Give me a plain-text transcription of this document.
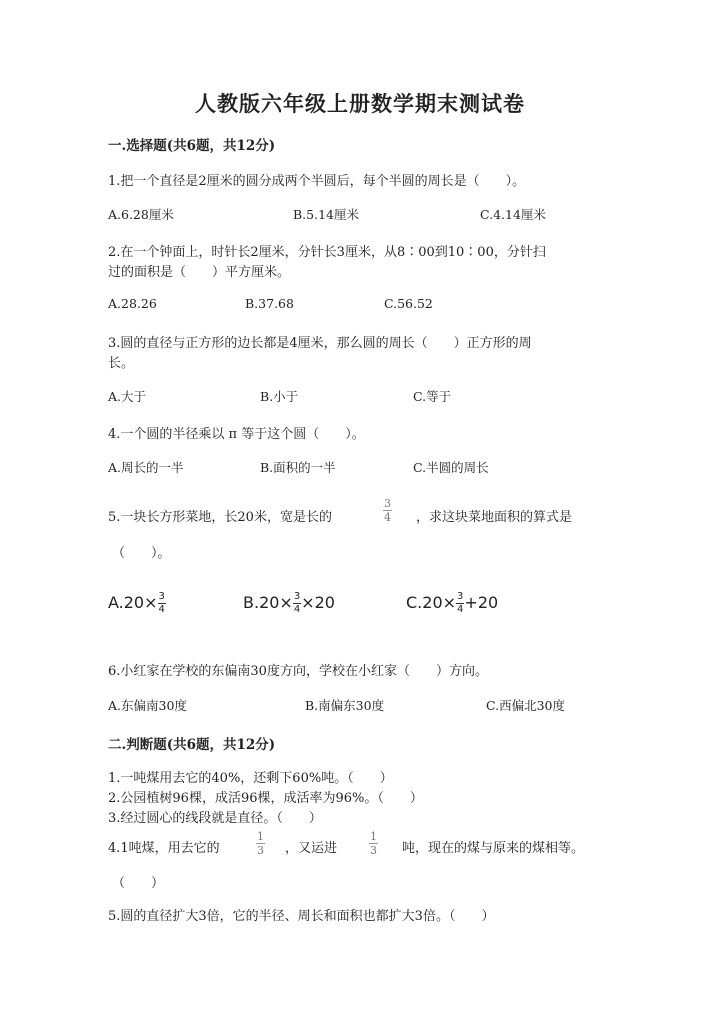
人教版六年级上册数学期末测试卷
一.选择题(共6题，共12分)
1.把一个直径是2厘米的圆分成两个半圆后，每个半圆的周长是（　　）。
A.6.28厘米	B.5.14厘米	C.4.14厘米
2.在一个钟面上，时针长2厘米，分针长3厘米，从8∶00到10∶00，分针扫
过的面积是（　　）平方厘米。
A.28.26	B.37.68	C.56.52
3.圆的直径与正方形的边长都是4厘米，那么圆的周长（　　）正方形的周
长。
A.大于	B.小于	C.等于
4.一个圆的半径乘以 π 等于这个圆（　　）。
A.周长的一半	B.面积的一半	C.半圆的周长
5.一块长方形菜地，长20米，宽是长的	$\frac{3}{4}$ ，求这块菜地面积的算式是
（　　）。
$A.20\times \frac{3}{4}$	$B.20\times \frac{3}{4} \times 20$	$C.20\times \frac{3}{4} +20$
6.小红家在学校的东偏南30度方向，学校在小红家（　　）方向。
A.东偏南30度	B.南偏东30度	C.西偏北30度
二.判断题(共6题，共12分)
1.一吨煤用去它的40%，还剩下60%吨。（　　）
2.公园植树96棵，成活96棵，成活率为96%。（　　）
3.经过圆心的线段就是直径。（　　）
4.1吨煤，用去它的	$\frac{1}{3}$ ，又运进	$\frac{1}{3}$ 吨，现在的煤与原来的煤相等。
（　　）
5.圆的直径扩大3倍，它的半径、周长和面积也都扩大3倍。（　　）
